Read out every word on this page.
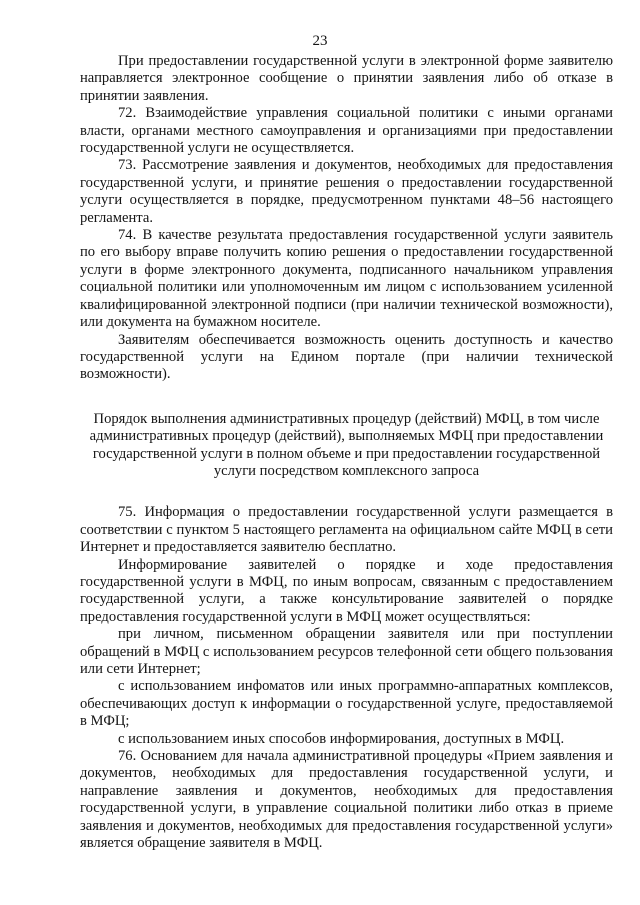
23

При предоставлении государственной услуги в электронной форме заявителю направляется электронное сообщение о принятии заявления либо об отказе в принятии заявления.

72. Взаимодействие управления социальной политики с иными органами власти, органами местного самоуправления и организациями при предоставлении государственной услуги не осуществляется.

73. Рассмотрение заявления и документов, необходимых для предоставления государственной услуги, и принятие решения о предоставлении государственной услуги осуществляется в порядке, предусмотренном пунктами 48–56 настоящего регламента.

74. В качестве результата предоставления государственной услуги заявитель по его выбору вправе получить копию решения о предоставлении государственной услуги в форме электронного документа, подписанного начальником управления социальной политики или уполномоченным им лицом с использованием усиленной квалифицированной электронной подписи (при наличии технической возможности), или документа на бумажном носителе.

Заявителям обеспечивается возможность оценить доступность и качество государственной услуги на Едином портале (при наличии технической возможности).

Порядок выполнения административных процедур (действий) МФЦ, в том числе административных процедур (действий), выполняемых МФЦ при предоставлении государственной услуги в полном объеме и при предоставлении государственной услуги посредством комплексного запроса

75. Информация о предоставлении государственной услуги размещается в соответствии с пунктом 5 настоящего регламента на официальном сайте МФЦ в сети Интернет и предоставляется заявителю бесплатно.

Информирование заявителей о порядке и ходе предоставления государственной услуги в МФЦ, по иным вопросам, связанным с предоставлением государственной услуги, а также консультирование заявителей о порядке предоставления государственной услуги в МФЦ может осуществляться:

при личном, письменном обращении заявителя или при поступлении обращений в МФЦ с использованием ресурсов телефонной сети общего пользования или сети Интернет;

с использованием инфоматов или иных программно-аппаратных комплексов, обеспечивающих доступ к информации о государственной услуге, предоставляемой в МФЦ;

с использованием иных способов информирования, доступных в МФЦ.

76. Основанием для начала административной процедуры «Прием заявления и документов, необходимых для предоставления государственной услуги, и направление заявления и документов, необходимых для предоставления государственной услуги, в управление социальной политики либо отказ в приеме заявления и документов, необходимых для предоставления государственной услуги» является обращение заявителя в МФЦ.
